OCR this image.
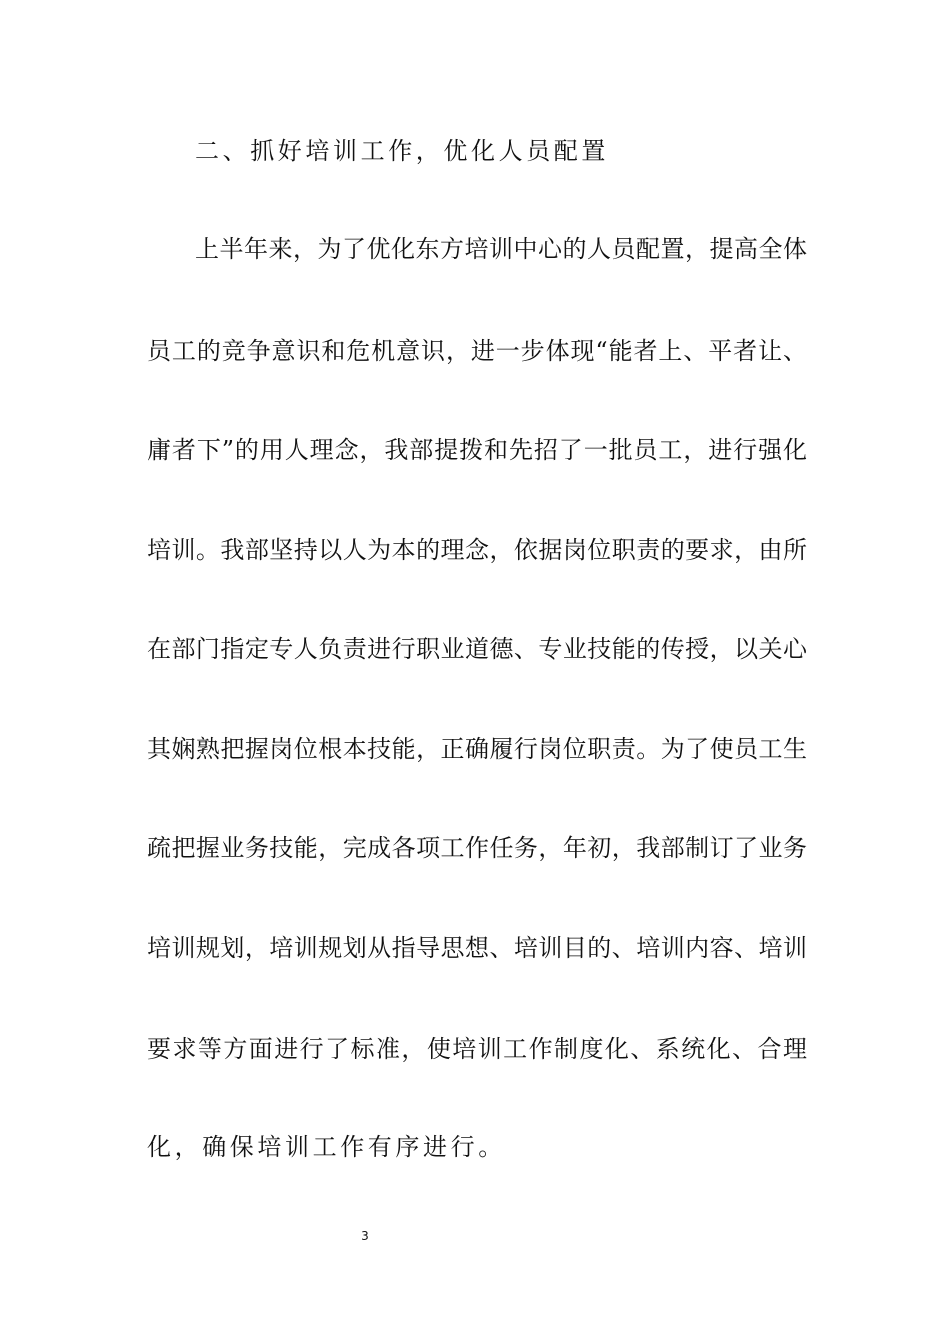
二、抓好培训工作，优化人员配置
上半年来，为了优化东方培训中心的人员配置，提高全体
员工的竞争意识和危机意识，进一步体现“能者上、平者让、
庸者下”的用人理念，我部提拨和先招了一批员工，进行强化
培训。我部坚持以人为本的理念，依据岗位职责的要求，由所
在部门指定专人负责进行职业道德、专业技能的传授，以关心
其娴熟把握岗位根本技能，正确履行岗位职责。为了使员工生
疏把握业务技能，完成各项工作任务，年初，我部制订了业务
培训规划，培训规划从指导思想、培训目的、培训内容、培训
要求等方面进行了标准，使培训工作制度化、系统化、合理
化，确保培训工作有序进行。
3
